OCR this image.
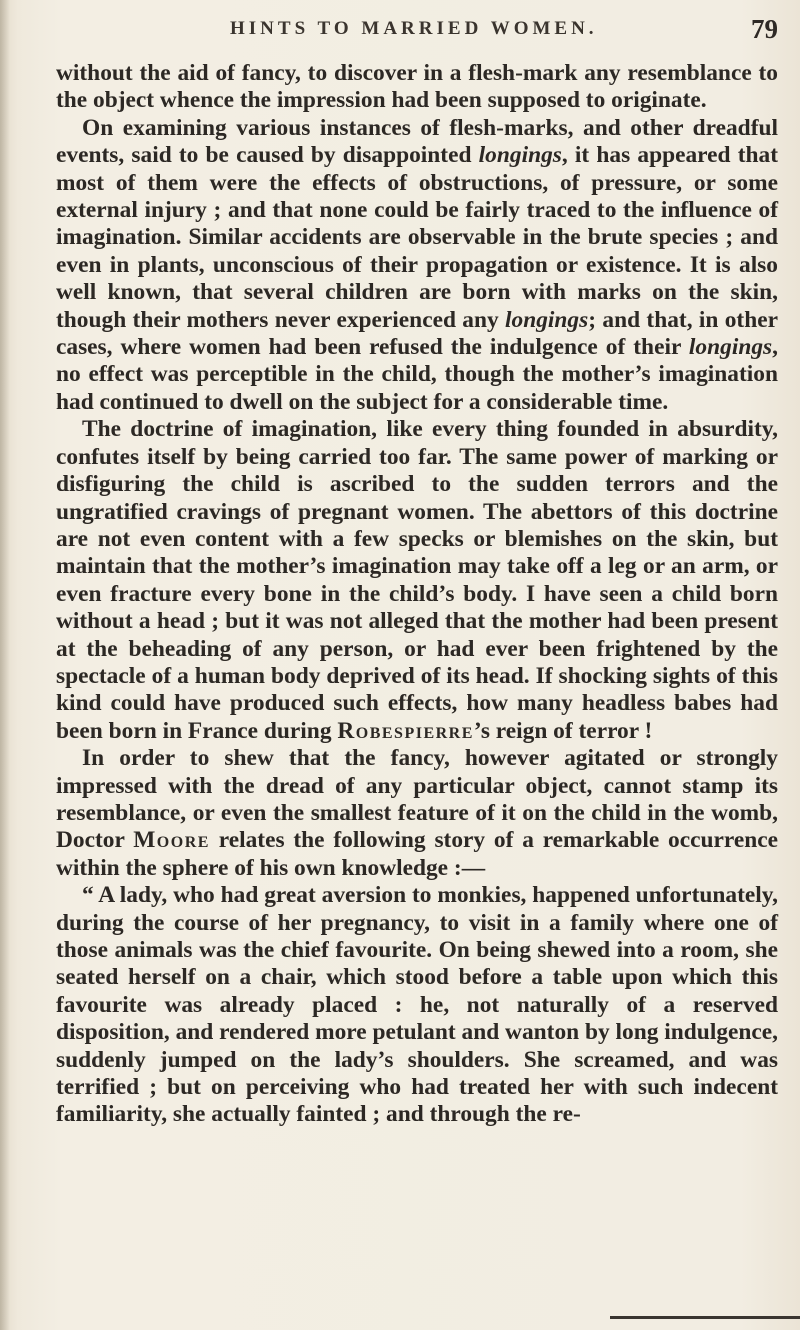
HINTS TO MARRIED WOMEN.	79

without the aid of fancy, to discover in a flesh-mark any resemblance to the object whence the impression had been supposed to originate.

On examining various instances of flesh-marks, and other dreadful events, said to be caused by disappointed longings, it has appeared that most of them were the effects of obstructions, of pressure, or some external injury ; and that none could be fairly traced to the influence of imagination. Similar accidents are observable in the brute species ; and even in plants, unconscious of their propagation or existence. It is also well known, that several children are born with marks on the skin, though their mothers never experienced any longings; and that, in other cases, where women had been refused the indulgence of their longings, no effect was perceptible in the child, though the mother’s imagination had continued to dwell on the subject for a considerable time.

The doctrine of imagination, like every thing founded in absurdity, confutes itself by being carried too far. The same power of marking or disfiguring the child is ascribed to the sudden terrors and the ungratified cravings of pregnant women. The abettors of this doctrine are not even content with a few specks or blemishes on the skin, but maintain that the mother’s imagination may take off a leg or an arm, or even fracture every bone in the child’s body. I have seen a child born without a head ; but it was not alleged that the mother had been present at the beheading of any person, or had ever been frightened by the spectacle of a human body deprived of its head. If shocking sights of this kind could have produced such effects, how many headless babes had been born in France during Robespierre’s reign of terror !

In order to shew that the fancy, however agitated or strongly impressed with the dread of any particular object, cannot stamp its resemblance, or even the smallest feature of it on the child in the womb, Doctor Moore relates the following story of a remarkable occurrence within the sphere of his own knowledge :—

“ A lady, who had great aversion to monkies, happened unfortunately, during the course of her pregnancy, to visit in a family where one of those animals was the chief favourite. On being shewed into a room, she seated herself on a chair, which stood before a table upon which this favourite was already placed : he, not naturally of a reserved disposition, and rendered more petulant and wanton by long indulgence, suddenly jumped on the lady’s shoulders. She screamed, and was terrified ; but on perceiving who had treated her with such indecent familiarity, she actually fainted ; and through the re-
